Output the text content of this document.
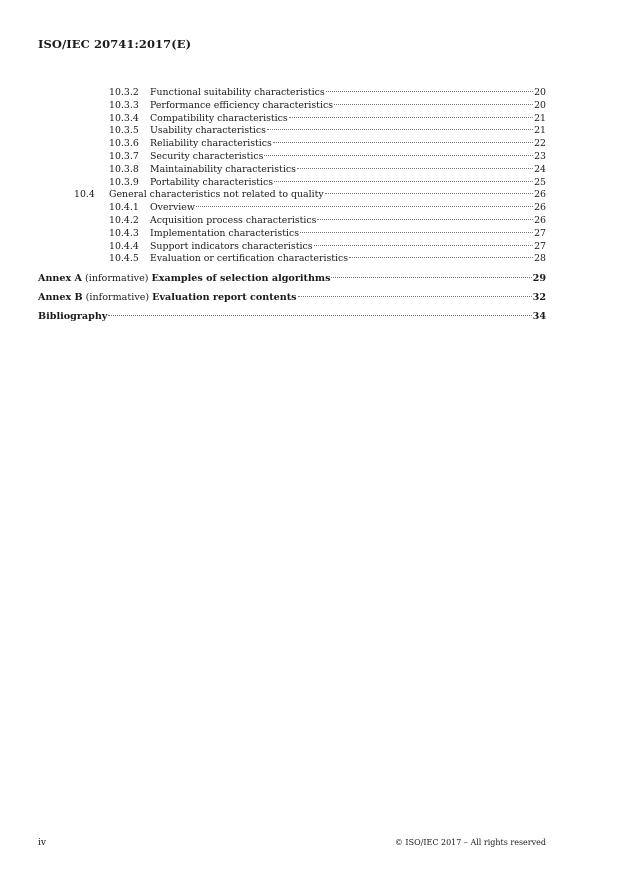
ISO/IEC 20741:2017(E)
10.3.2	Functional suitability characteristics	20
10.3.3	Performance efficiency characteristics	20
10.3.4	Compatibility characteristics	21
10.3.5	Usability characteristics	21
10.3.6	Reliability characteristics	22
10.3.7	Security characteristics	23
10.3.8	Maintainability characteristics	24
10.3.9	Portability characteristics	25
10.4	General characteristics not related to quality	26
10.4.1	Overview	26
10.4.2	Acquisition process characteristics	26
10.4.3	Implementation characteristics	27
10.4.4	Support indicators characteristics	27
10.4.5	Evaluation or certification characteristics	28
Annex A (informative) Examples of selection algorithms	29
Annex B (informative) Evaluation report contents	32
Bibliography	34
iv	© ISO/IEC 2017 – All rights reserved
